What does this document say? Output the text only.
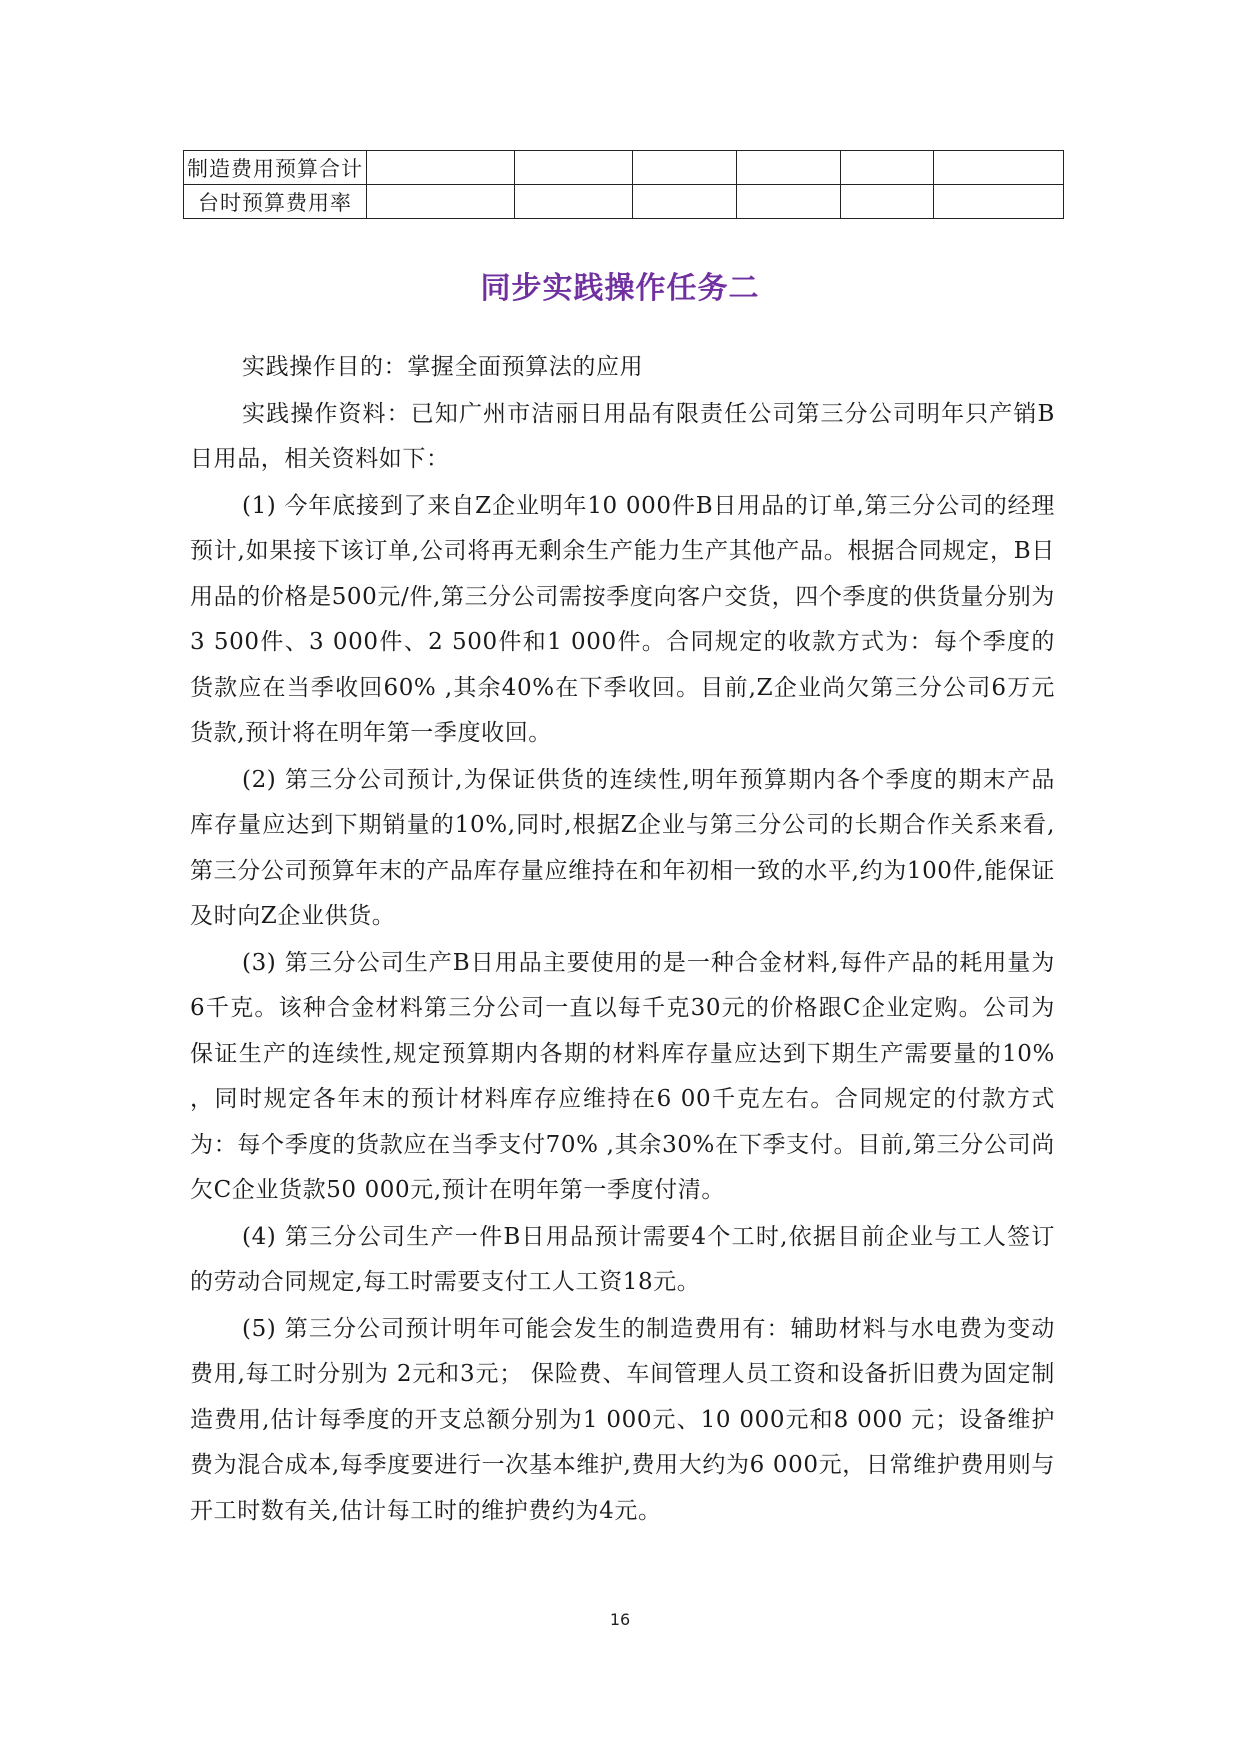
制造费用预算合计						
台时预算费用率						
同步实践操作任务二

实践操作目的：掌握全面预算法的应用

实践操作资料：已知广州市洁丽日用品有限责任公司第三分公司明年只产销B日用品，相关资料如下：

(1) 今年底接到了来自Z企业明年10 000件B日用品的订单,第三分公司的经理预计,如果接下该订单,公司将再无剩余生产能力生产其他产品。根据合同规定，B日用品的价格是500元/件,第三分公司需按季度向客户交货，四个季度的供货量分别为3 500件、3 000件、2 500件和1 000件。合同规定的收款方式为：每个季度的货款应在当季收回60% ,其余40%在下季收回。目前,Z企业尚欠第三分公司6万元货款,预计将在明年第一季度收回。

(2) 第三分公司预计,为保证供货的连续性,明年预算期内各个季度的期末产品库存量应达到下期销量的10%,同时,根据Z企业与第三分公司的长期合作关系来看,第三分公司预算年末的产品库存量应维持在和年初相一致的水平,约为100件,能保证及时向Z企业供货。

(3) 第三分公司生产B日用品主要使用的是一种合金材料,每件产品的耗用量为6千克。该种合金材料第三分公司一直以每千克30元的价格跟C企业定购。公司为保证生产的连续性,规定预算期内各期的材料库存量应达到下期生产需要量的10% ，同时规定各年末的预计材料库存应维持在6 00千克左右。合同规定的付款方式为：每个季度的货款应在当季支付70% ,其余30%在下季支付。目前,第三分公司尚欠C企业货款50 000元,预计在明年第一季度付清。

(4) 第三分公司生产一件B日用品预计需要4个工时,依据目前企业与工人签订的劳动合同规定,每工时需要支付工人工资18元。

(5) 第三分公司预计明年可能会发生的制造费用有：辅助材料与水电费为变动费用,每工时分别为 2元和3元； 保险费、车间管理人员工资和设备折旧费为固定制造费用,估计每季度的开支总额分别为1 000元、10 000元和8 000 元；设备维护费为混合成本,每季度要进行一次基本维护,费用大约为6 000元，日常维护费用则与开工时数有关,估计每工时的维护费约为4元。

16
